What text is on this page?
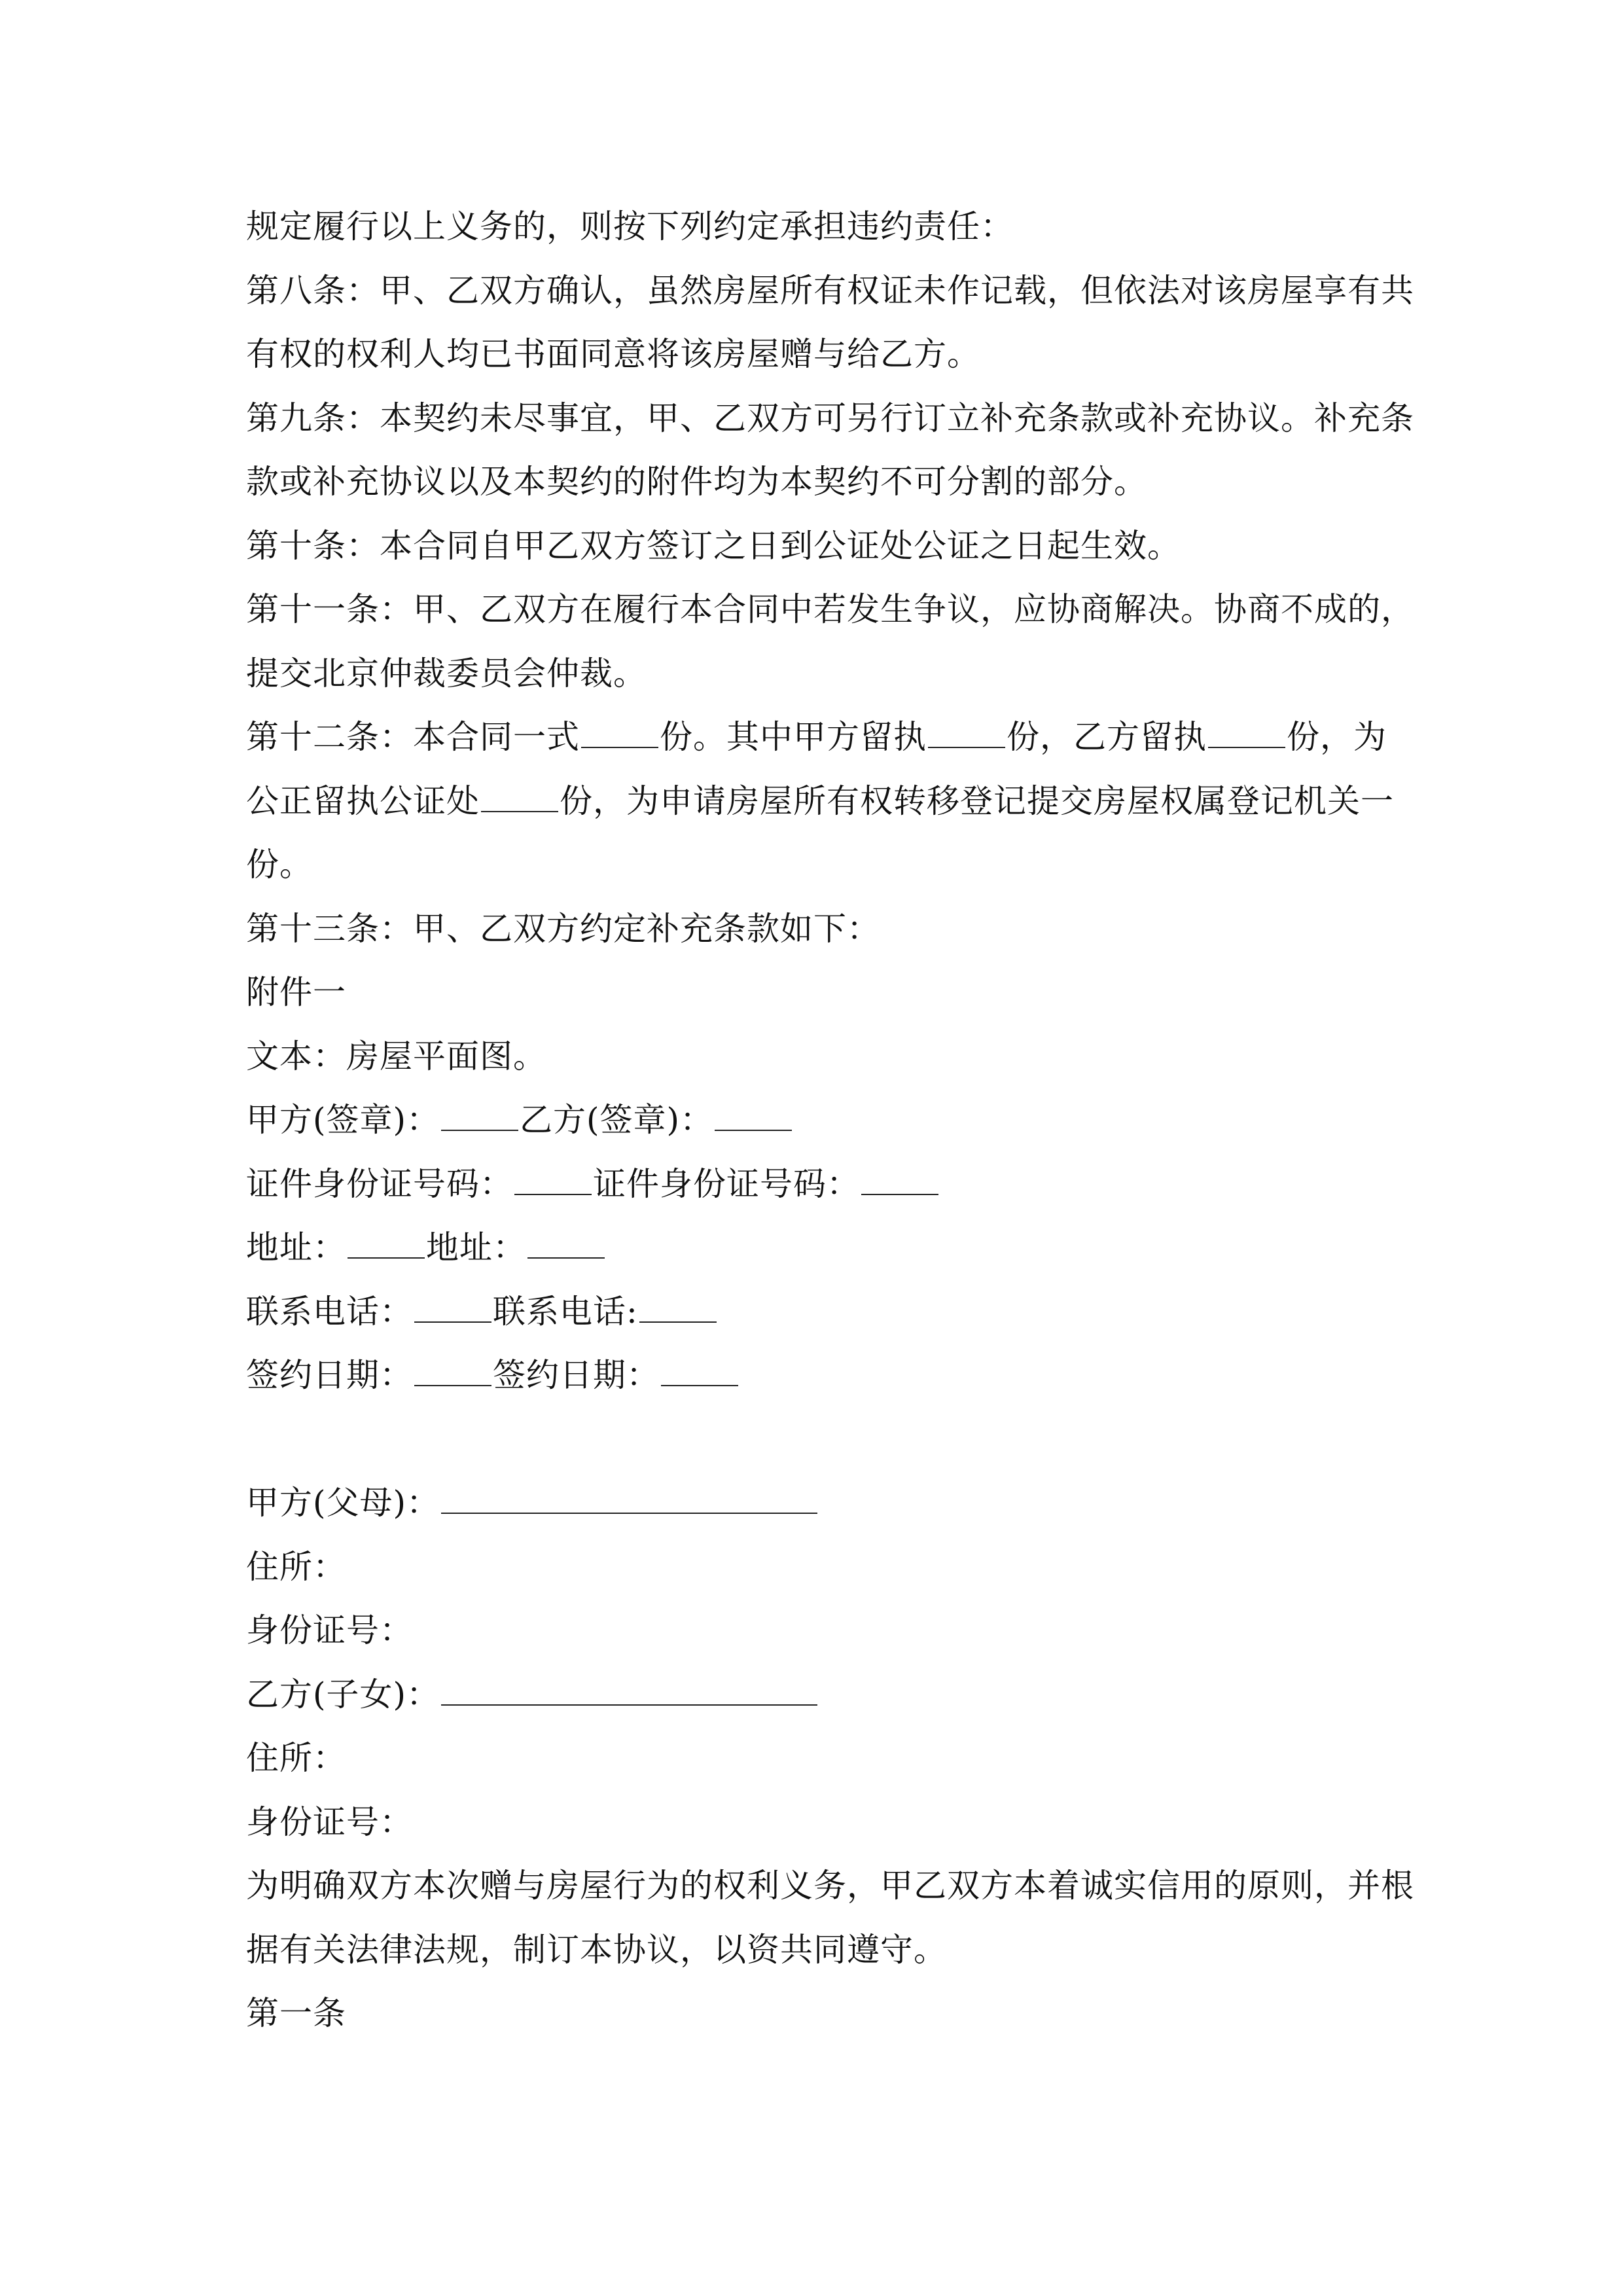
规定履行以上义务的，则按下列约定承担违约责任：
第八条：甲、乙双方确认，虽然房屋所有权证未作记载，但依法对该房屋享有共
有权的权利人均已书面同意将该房屋赠与给乙方。
第九条：本契约未尽事宜，甲、乙双方可另行订立补充条款或补充协议。补充条
款或补充协议以及本契约的附件均为本契约不可分割的部分。
第十条：本合同自甲乙双方签订之日到公证处公证之日起生效。
第十一条：甲、乙双方在履行本合同中若发生争议，应协商解决。协商不成的，
提交北京仲裁委员会仲裁。
第十二条：本合同一式 份。其中甲方留执 份，乙方留执 份，为
公正留执公证处 份，为申请房屋所有权转移登记提交房屋权属登记机关一
份。
第十三条：甲、乙双方约定补充条款如下：
附件一
文本：房屋平面图。
甲方(签章)： 乙方(签章)：
证件身份证号码： 证件身份证号码：
地址： 地址：
联系电话： 联系电话:
签约日期： 签约日期：
甲方(父母)：
住所：
身份证号：
乙方(子女)：
住所：
身份证号：
为明确双方本次赠与房屋行为的权利义务，甲乙双方本着诚实信用的原则，并根
据有关法律法规，制订本协议，以资共同遵守。
第一条
